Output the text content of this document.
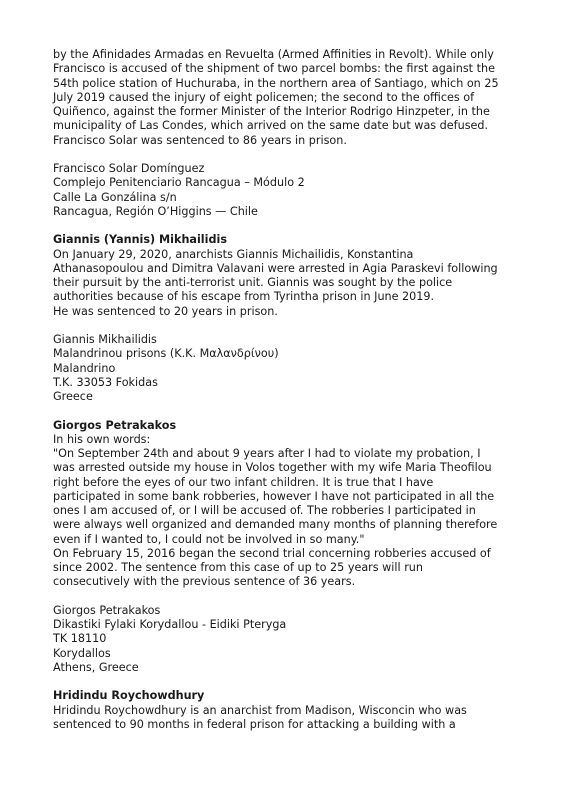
by the Afinidades Armadas en Revuelta (Armed Affinities in Revolt). While only
Francisco is accused of the shipment of two parcel bombs: the first against the
54th police station of Huchuraba, in the northern area of Santiago, which on 25
July 2019 caused the injury of eight policemen; the second to the offices of
Quiñenco, against the former Minister of the Interior Rodrigo Hinzpeter, in the
municipality of Las Condes, which arrived on the same date but was defused.
Francisco Solar was sentenced to 86 years in prison.
Francisco Solar Domínguez
Complejo Penitenciario Rancagua – Módulo 2
Calle La Gonzálina s/n
Rancagua, Región O’Higgins — Chile
Giannis (Yannis) Mikhailidis
On January 29, 2020, anarchists Giannis Michailidis, Konstantina
Athanasopoulou and Dimitra Valavani were arrested in Agia Paraskevi following
their pursuit by the anti-terrorist unit. Giannis was sought by the police
authorities because of his escape from Tyrintha prison in June 2019.
He was sentenced to 20 years in prison.
Giannis Mikhailidis
Malandrinou prisons (Κ.Κ. Μαλανδρίνου)
Malandrino
T.K. 33053 Fokidas
Greece
Giorgos Petrakakos
In his own words:
"On September 24th and about 9 years after I had to violate my probation, I
was arrested outside my house in Volos together with my wife Maria Theofilou
right before the eyes of our two infant children. It is true that I have
participated in some bank robberies, however I have not participated in all the
ones I am accused of, or I will be accused of. The robberies I participated in
were always well organized and demanded many months of planning therefore
even if I wanted to, I could not be involved in so many."
On February 15, 2016 began the second trial concerning robberies accused of
since 2002. The sentence from this case of up to 25 years will run
consecutively with the previous sentence of 36 years.
Giorgos Petrakakos
Dikastiki Fylaki Korydallou - Eidiki Pteryga
TK 18110
Korydallos
Athens, Greece
Hridindu Roychowdhury
Hridindu Roychowdhury is an anarchist from Madison, Wisconcin who was
sentenced to 90 months in federal prison for attacking a building with a
